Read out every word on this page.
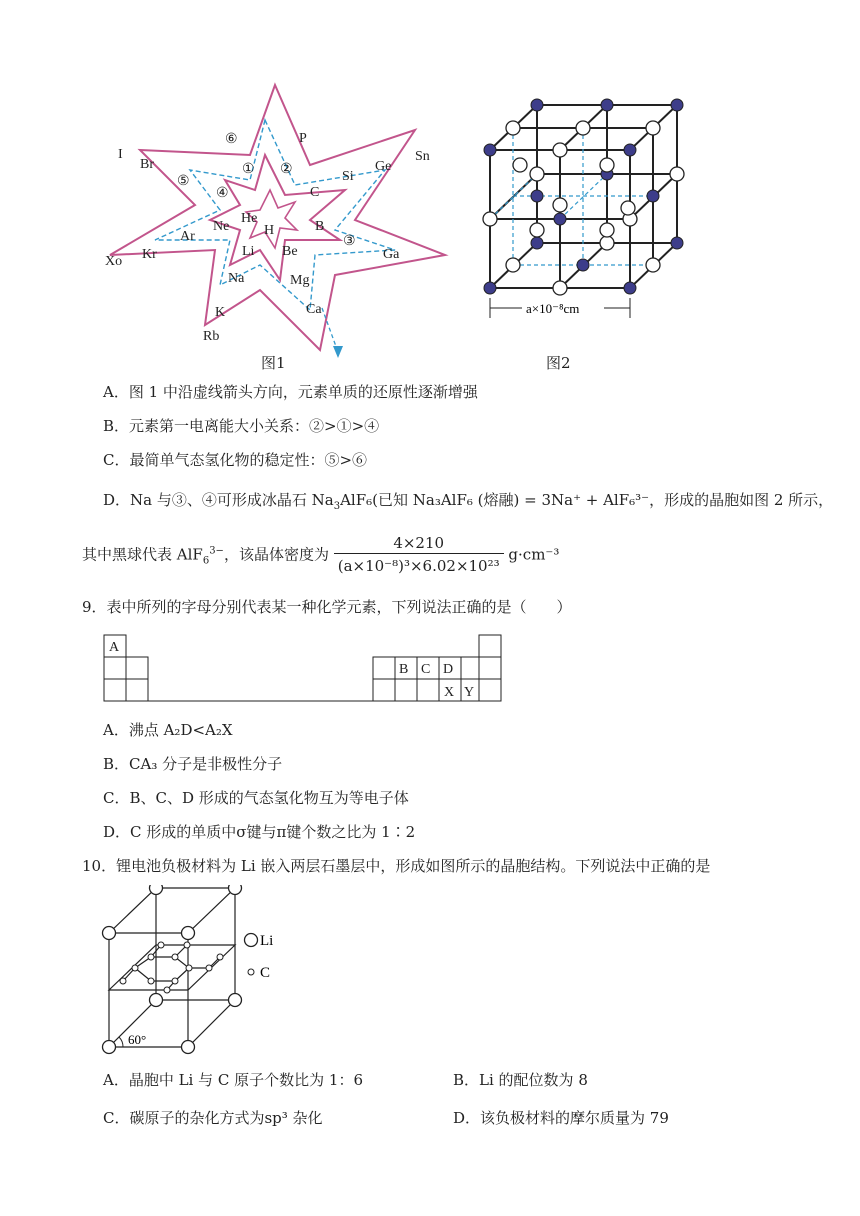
I
Br
Xo Kr
Ar
Ne
He
H
Li Be
Na	Mg
K
Rb
Ca
B
C
Si
Ge
Sn
Ga
P
① ②
③
④
⑤
⑥
图1
a×10⁻⁸cm
图2
A．图 1 中沿虚线箭头方向，元素单质的还原性逐渐增强
B．元素第一电离能大小关系：②>①>④
C．最简单气态氢化物的稳定性：⑤>⑥
D．Na 与③、④可形成冰晶石 $Na_3AlF_6$(已知 Na₃AlF₆ (熔融) = 3Na⁺ + AlF₆³⁻，形成的晶胞如图 2 所示，
其中黑球代表 AlF$_6^{3-}$，该晶体密度为 $\frac{4\times 210}{\text{(a×10⁻⁸)³×6.02×10²³}} g\cdot cm^{-3}$
9．表中所列的字母分别代表某一种化学元素，下列说法正确的是（　　）
A
B C D
X Y
A．沸点 A₂D<A₂X
B．CA₃ 分子是非极性分子
C．B、C、D 形成的气态氢化物互为等电子体
D．C 形成的单质中σ键与π键个数之比为 1∶2
10．锂电池负极材料为 Li 嵌入两层石墨层中，形成如图所示的晶胞结构。下列说法中正确的是
60°
Li
C
A．晶胞中 Li 与 C 原子个数比为 1：6	B．Li 的配位数为 8
C．碳原子的杂化方式为sp³ 杂化	D．该负极材料的摩尔质量为 79
